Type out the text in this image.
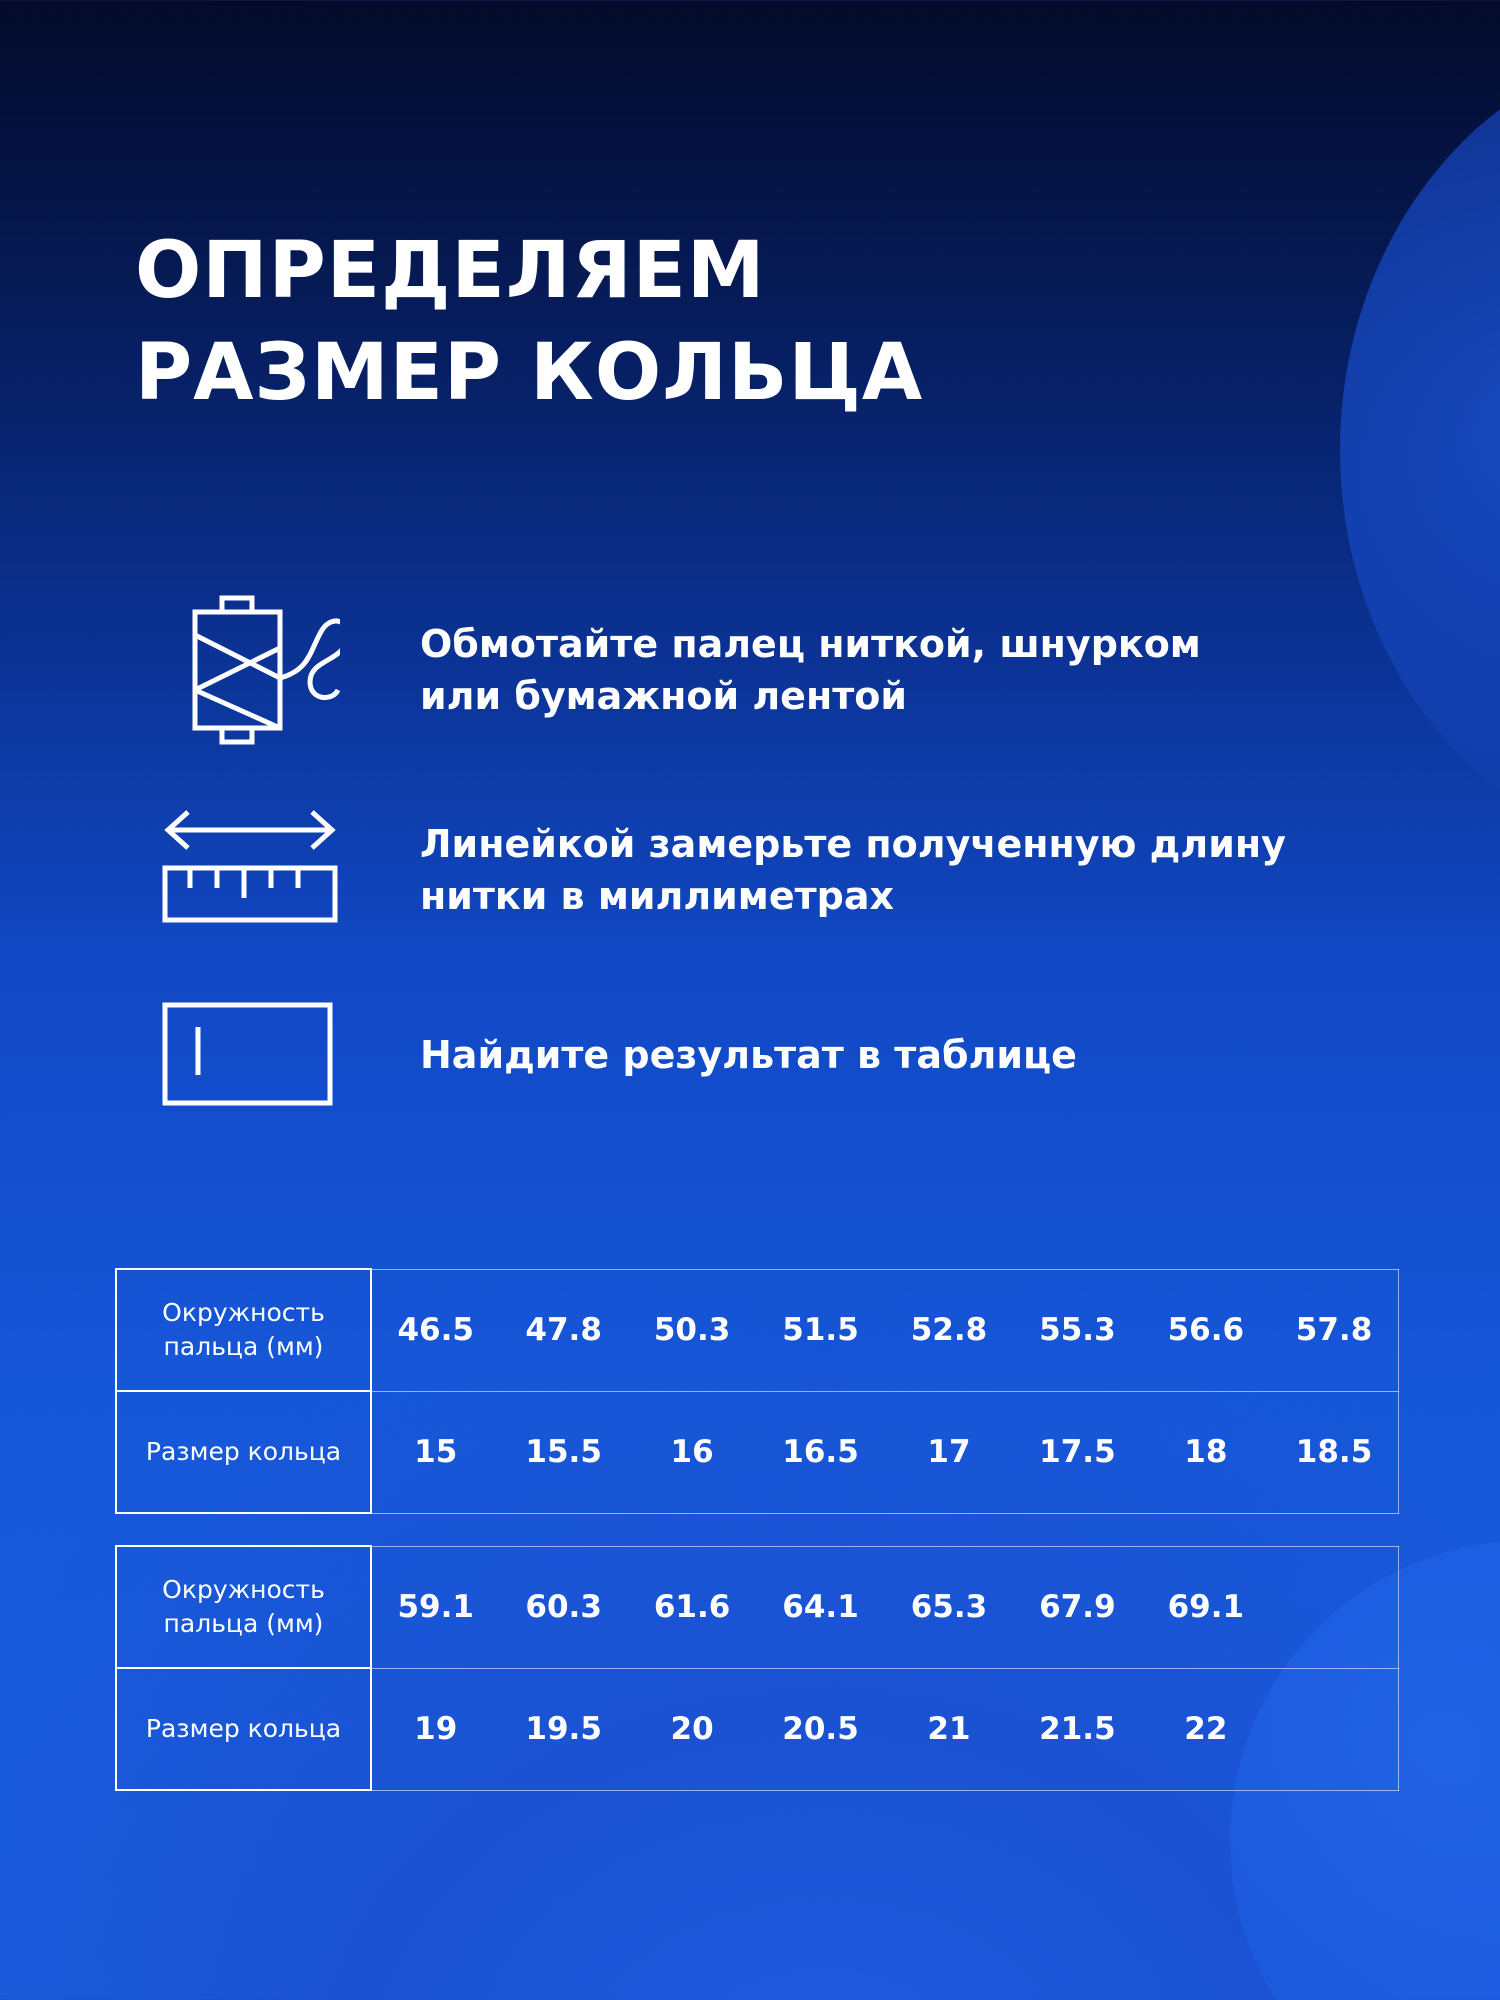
ОПРЕДЕЛЯЕМ
РАЗМЕР КОЛЬЦА
Обмотайте палец ниткой, шнурком
или бумажной лентой
Линейкой замерьте полученную длину
нитки в миллиметрах
Найдите результат в таблице
Окружность пальца (мм)	46.5	47.8	50.3	51.5	52.8	55.3	56.6	57.8
Размер кольца	15	15.5	16	16.5	17	17.5	18	18.5
Окружность пальца (мм)	59.1	60.3	61.6	64.1	65.3	67.9	69.1	
Размер кольца	19	19.5	20	20.5	21	21.5	22	
